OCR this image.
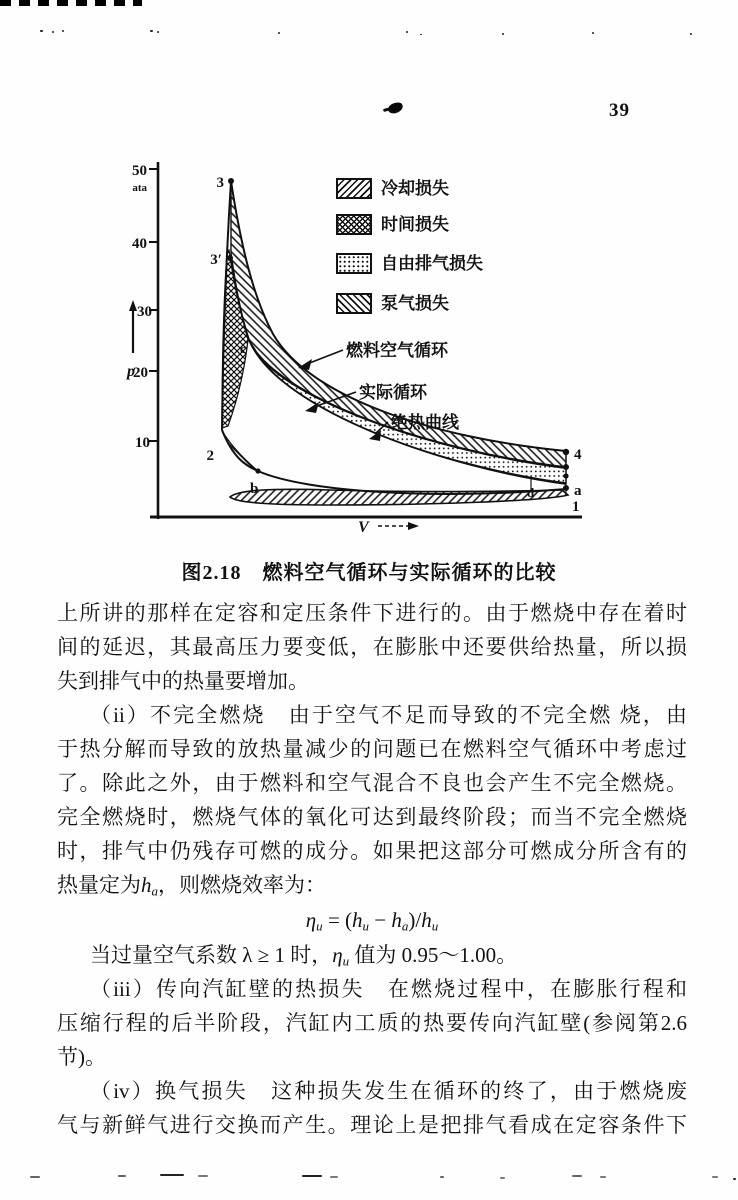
39
50
ata
40
30
20
10
p
V
3
3′
c
2
b	d
4
a
1
燃料空气循环
实际循环
绝热曲线
冷却损失
时间损失
自由排气损失
泵气损失
图2.18　燃料空气循环与实际循环的比较
上所讲的那样在定容和定压条件下进行的。由于燃烧中存在着时
间的延迟，其最高压力要变低，在膨胀中还要供给热量，所以损
失到排气中的热量要增加。
（ii）不完全燃烧　由于空气不足而导致的不完全燃 烧，由
于热分解而导致的放热量减少的问题已在燃料空气循环中考虑过
了。除此之外，由于燃料和空气混合不良也会产生不完全燃烧。
完全燃烧时，燃烧气体的氧化可达到最终阶段；而当不完全燃烧
时，排气中仍残存可燃的成分。如果把这部分可燃成分所含有的
热量定为$h_a$，则燃烧效率为：
$\eta_u = (h_u - h_a)/h_u$
当过量空气系数 λ ≥ 1 时，$\eta_u$ 值为 0.95～1.00。
（iii）传向汽缸壁的热损失　在燃烧过程中，在膨胀行程和
压缩行程的后半阶段，汽缸内工质的热要传向汽缸壁(参阅第2.6
节)。
（iv）换气损失　这种损失发生在循环的终了，由于燃烧废
气与新鲜气进行交换而产生。理论上是把排气看成在定容条件下
